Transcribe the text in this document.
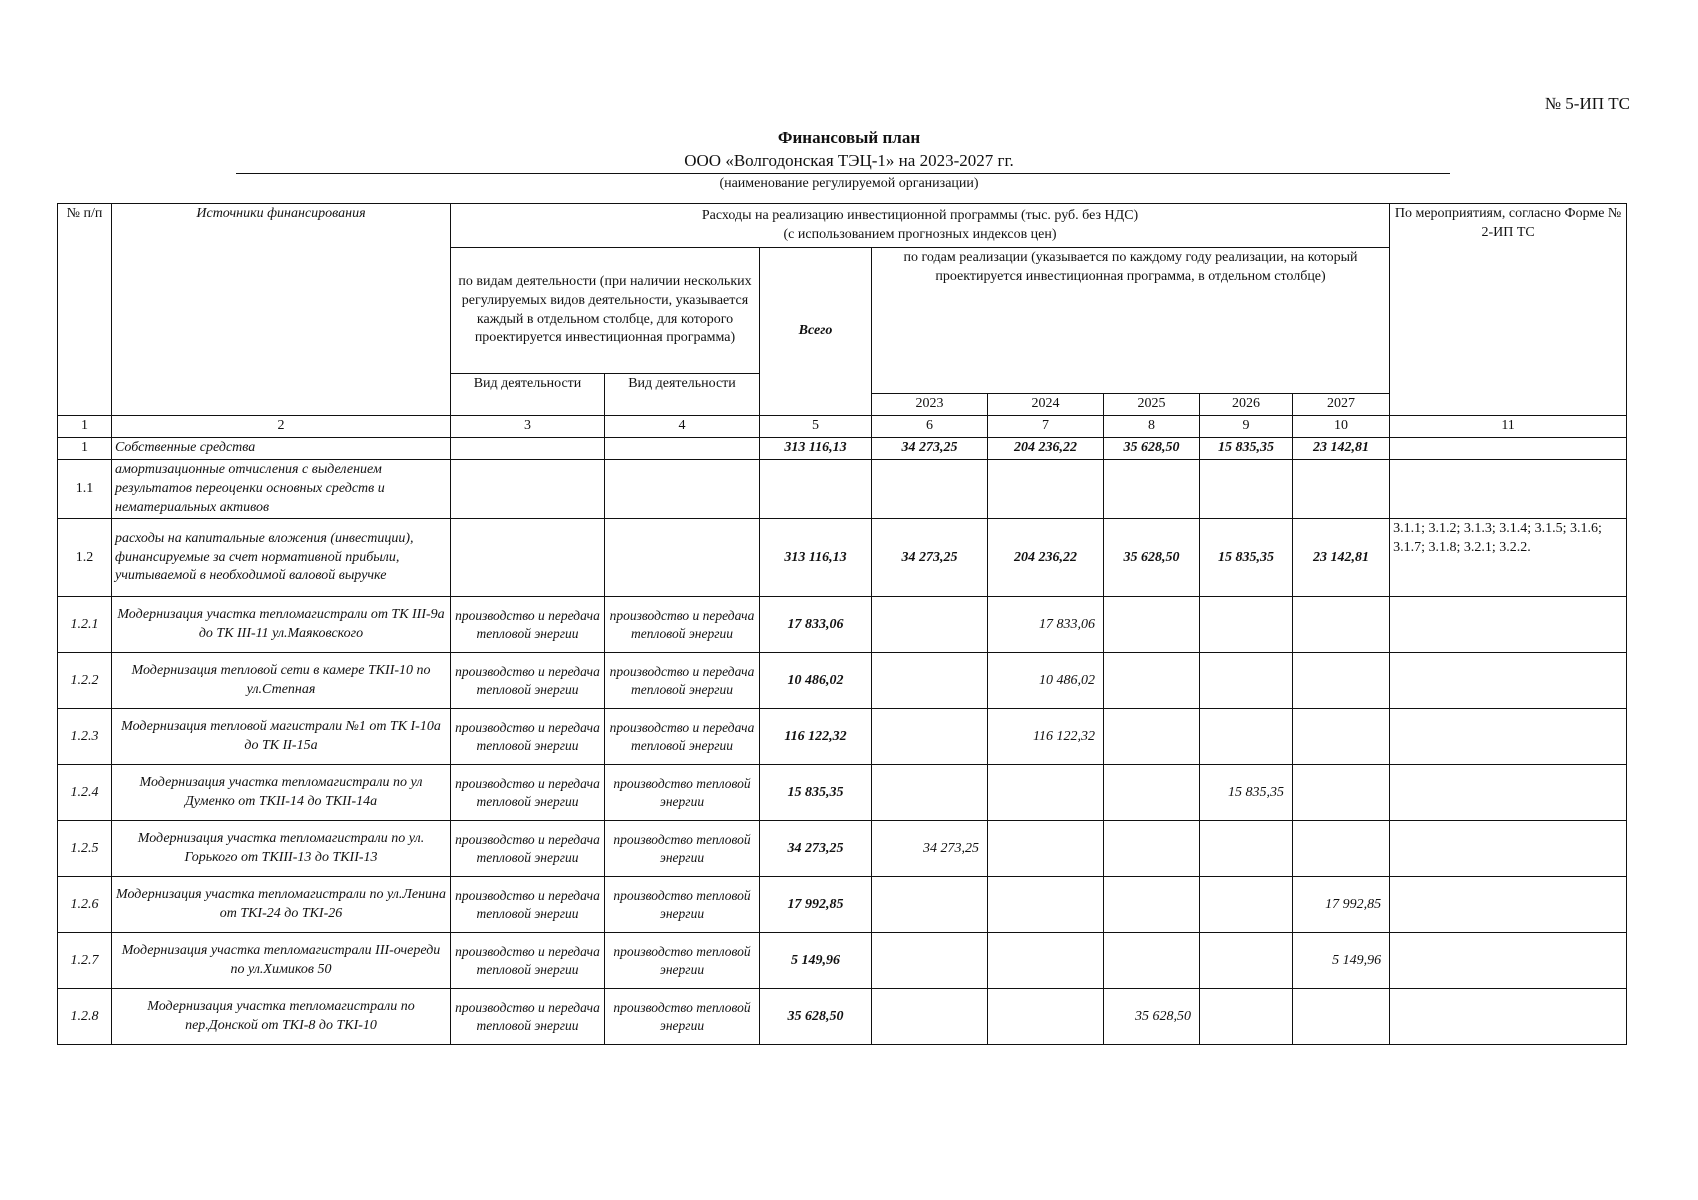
№ 5-ИП ТС
Финансовый план
ООО «Волгодонская ТЭЦ-1» на 2023-2027 гг.
(наименование регулируемой организации)
№ п/п	Источники финансирования	Расходы на реализацию инвестиционной программы (тыс. руб. без НДС)
(с использованием прогнозных индексов цен)								По мероприятиям, согласно Форме № 2-ИП ТС
		по видам деятельности (при наличии нескольких регулируемых видов деятельности, указывается каждый в отдельном столбце, для которого проектируется инвестиционная программа)		Всего	по годам реализации (указывается по каждому году реализации, на который проектируется инвестиционная программа, в отдельном столбце)					
		Вид деятельности	Вид деятельности							
					2023	2024	2025	2026	2027	
1	2	3	4	5	6	7	8	9	10	11
1	Собственные средства			313 116,13	34 273,25	204 236,22	35 628,50	15 835,35	23 142,81	
1.1	амортизационные отчисления с выделением результатов переоценки основных средств и нематериальных активов									
1.2	расходы на капитальные вложения (инвестиции), финансируемые за счет нормативной прибыли, учитываемой в необходимой валовой выручке			313 116,13	34 273,25	204 236,22	35 628,50	15 835,35	23 142,81	3.1.1; 3.1.2; 3.1.3; 3.1.4; 3.1.5; 3.1.6; 3.1.7; 3.1.8; 3.2.1; 3.2.2.
1.2.1	Модернизация участка тепломагистрали от ТК III-9а до ТК III-11 ул.Маяковского	производство и передача тепловой энергии	производство и передача тепловой энергии	17 833,06		17 833,06				
1.2.2	Модернизация тепловой сети в камере ТКII-10 по ул.Степная	производство и передача тепловой энергии	производство и передача тепловой энергии	10 486,02		10 486,02				
1.2.3	Модернизация тепловой магистрали №1 от ТК I-10а до ТК II-15а	производство и передача тепловой энергии	производство и передача тепловой энергии	116 122,32		116 122,32				
1.2.4	Модернизация участка тепломагистрали по ул Думенко от ТКII-14 до ТКII-14а	производство и передача тепловой энергии	производство тепловой энергии	15 835,35				15 835,35		
1.2.5	Модернизация участка тепломагистрали по ул. Горького от ТКIII-13 до ТКII-13	производство и передача тепловой энергии	производство тепловой энергии	34 273,25	34 273,25					
1.2.6	Модернизация участка тепломагистрали по ул.Ленина от ТКI-24 до ТКI-26	производство и передача тепловой энергии	производство тепловой энергии	17 992,85					17 992,85	
1.2.7	Модернизация участка тепломагистрали III-очереди по ул.Химиков 50	производство и передача тепловой энергии	производство тепловой энергии	5 149,96					5 149,96	
1.2.8	Модернизация участка тепломагистрали по пер.Донской от ТКI-8 до ТКI-10	производство и передача тепловой энергии	производство тепловой энергии	35 628,50			35 628,50			
